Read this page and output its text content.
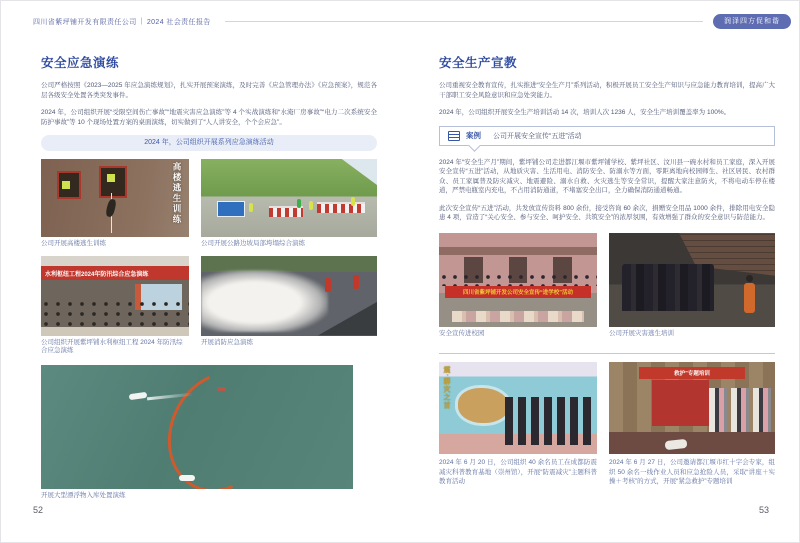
四川省紫坪铺开发有限责任公司 | 2024 社会责任报告	润泽四方促和谐
安全应急演练

公司严格按照《2023—2025 年应急演练规划》，扎实开展预案演练，及时完善《应急管理办法》《应急预案》，规范各层各级安全处置各类突发事件。

2024 年，公司组织开展“受限空间伤亡事故”“地震灾害应急演练”等 4 个实战演练和“水淹厂房事故”“电力二次系统安全防护事故”等 10 个现场处置方案的桌面演练，切实做到了“人人讲安全，个个会应急”。

2024 年，公司组织开展系列应急演练活动
高楼逃生训练
公司开展高楼逃生训练	公司开展公路边坡局部垮塌综合演练
水利枢纽工程2024年防汛综合应急演练
公司组织开展紫坪铺水利枢纽工程 2024 年防汛综合应急演练
开展消防应急演练
开展大型漂浮物入库处置演练
安全生产宣教

公司重视安全教育宣传，扎实推进“安全生产月”系列活动，积极开展员工安全生产知识与应急能力教育培训，提高广大干部职工安全风险意识和应急处突能力。

2024 年，公司组织开展安全生产培训活动 14 次，培训人次 1236 人，安全生产培训覆盖率为 100%。

案例 公司开展安全宣传“五进”活动

2024 年“安全生产月”期间，紫坪铺公司走进都江堰市紫坪铺学校、紫坪社区、汶川县一碗水村和员工家庭，深入开展安全宣传“五进”活动，从地质灾害、生活用电、消防安全、防溺水等方面，零距离地向校园师生、社区居民、农村群众、员工家属普及防灾减灾、地震避险、溺水自救、火灾逃生等安全常识，提醒大家注意防火，不将电动车停在楼道，严禁电瓶室内充电，不占用消防通道，不堵塞安全出口，全力确保消防通道畅通。

此次安全宣传“五进”活动，共发放宣传资料 800 余份，接受咨询 60 余次，捐赠安全用品 1000 余件，排除用电安全隐患 4 项，营造了“关心安全、参与安全、呵护安全、共筑安全”的浓厚氛围，有效增强了群众的安全意识与防范能力。

四川省紫坪铺开发公司安全宣传“进学校”活动
安全宣传进校园	公司开展灾害逃生培训
震·群灾之首	救护”专题培训
2024 年 6 月 20 日，公司组织 40 余名员工在成都防震减灾科普教育基地（崇州馆），开展“防震减灾”主题科普教育活动
2024 年 6 月 27 日，公司邀请都江堰市红十字会专家，组织 50 余名一线作业人员和应急抢险人员，采取“讲座＋实操＋考核”的方式，开展“紧急救护”专题培训
52	53
